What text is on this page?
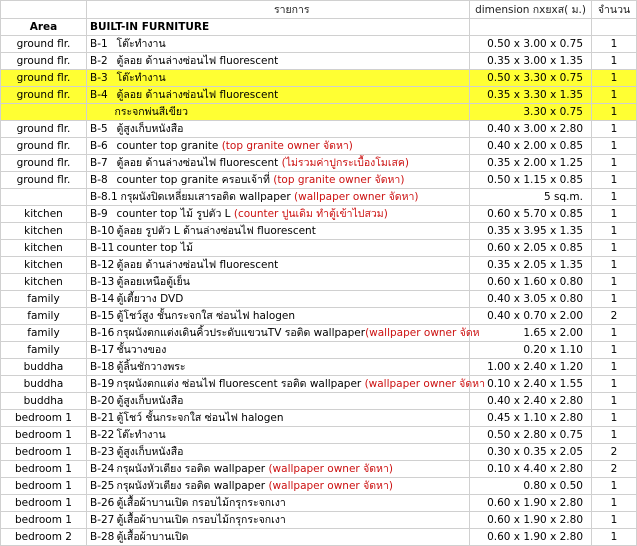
		รายการ	dimension กxยxส( ม.)	จำนวน
Area	BUILT-IN FURNITURE			
ground flr.	B-1	โต๊ะทำงาน	0.50 x 3.00 x 0.75	1
ground flr.	B-2	ตู้ลอย ด้านล่างซ่อนไฟ fluorescent	0.35 x 3.00 x 1.35	1
ground flr.	B-3	โต๊ะทำงาน	0.50 x 3.30 x 0.75	1
ground flr.	B-4	ตู้ลอย ด้านล่างซ่อนไฟ fluorescent	0.35 x 3.30 x 1.35	1
		กระจกพ่นสีเขียว	3.30 x 0.75	1
ground flr.	B-5	ตู้สูงเก็บหนังสือ	0.40 x 3.00 x 2.80	1
ground flr.	B-6	counter top granite (top granite owner จัดหา)	0.40 x 2.00 x 0.85	1
ground flr.	B-7	ตู้ลอย ด้านล่างซ่อนไฟ fluorescent (ไม่รวมค่าปูกระเบื้องโมเสค)	0.35 x 2.00 x 1.25	1
ground flr.	B-8	counter top granite ครอบเจ้าที่ (top granite owner จัดหา)	0.50 x 1.15 x 0.85	1
	B-8.1	กรุผนังปิดเหลี่ยมเสารอติด wallpaper (wallpaper owner จัดหา)	5 sq.m.	1
kitchen	B-9	counter top ไม้ รูปตัว L (counter ปูนเดิม ทำตู้เข้าไปสวม)	0.60 x 5.70 x 0.85	1
kitchen	B-10	ตู้ลอย รูปตัว L ด้านล่างซ่อนไฟ fluorescent	0.35 x 3.95 x 1.35	1
kitchen	B-11	counter top ไม้	0.60 x 2.05 x 0.85	1
kitchen	B-12	ตู้ลอย ด้านล่างซ่อนไฟ fluorescent	0.35 x 2.05 x 1.35	1
kitchen	B-13	ตู้ลอยเหนือตู้เย็น	0.60 x 1.60 x 0.80	1
family	B-14	ตู้เตี้ยวาง DVD	0.40 x 3.05 x 0.80	1
family	B-15	ตู้โชว์สูง ชั้นกระจกใส ซ่อนไฟ halogen	0.40 x 0.70 x 2.00	2
family	B-16	กรุผนังตกแต่งเดินคิ้วประดับแขวนTV รอติด wallpaper(wallpaper owner จัดห	1.65 x 2.00	1
family	B-17	ชั้นวางของ	0.20 x 1.10	1
buddha	B-18	ตู้ลิ้นชักวางพระ	1.00 x 2.40 x 1.20	1
buddha	B-19	กรุผนังตกแต่ง ซ่อนไฟ fluorescent รอติด wallpaper (wallpaper owner จัดหา	0.10 x 2.40 x 1.55	1
buddha	B-20	ตู้สูงเก็บหนังสือ	0.40 x 2.40 x 2.80	1
bedroom 1	B-21	ตู้โชว์ ชั้นกระจกใส ซ่อนไฟ halogen	0.45 x 1.10 x 2.80	1
bedroom 1	B-22	โต๊ะทำงาน	0.50 x 2.80 x 0.75	1
bedroom 1	B-23	ตู้สูงเก็บหนังสือ	0.30 x 0.35 x 2.05	2
bedroom 1	B-24	กรุผนังหัวเตียง รอติด wallpaper (wallpaper owner จัดหา)	0.10 x 4.40 x 2.80	2
bedroom 1	B-25	กรุผนังหัวเตียง รอติด wallpaper (wallpaper owner จัดหา)	0.80 x 0.50	1
bedroom 1	B-26	ตู้เสื้อผ้าบานเปิด กรอบไม้กรุกระจกเงา	0.60 x 1.90 x 2.80	1
bedroom 1	B-27	ตู้เสื้อผ้าบานเปิด กรอบไม้กรุกระจกเงา	0.60 x 1.90 x 2.80	1
bedroom 2	B-28	ตู้เสื้อผ้าบานเปิด	0.60 x 1.90 x 2.80	1
